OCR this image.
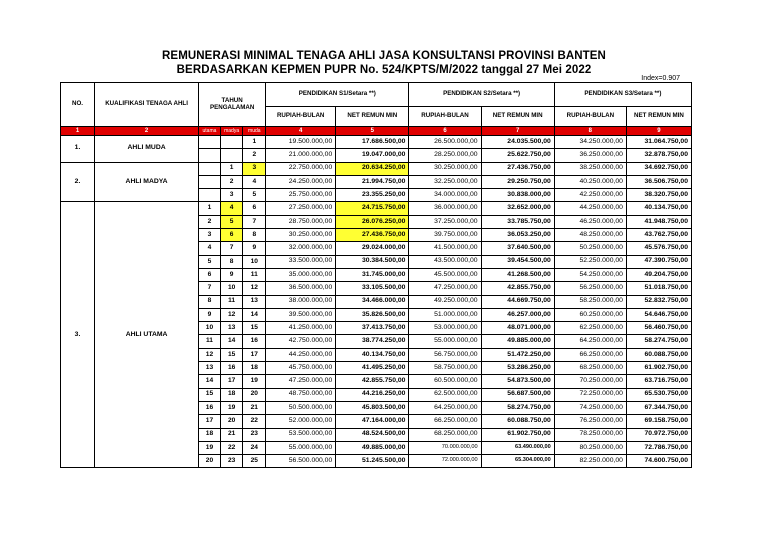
REMUNERASI MINIMAL TENAGA AHLI JASA KONSULTANSI PROVINSI BANTEN
BERDASARKAN KEPMEN PUPR No. 524/KPTS/M/2022 tanggal 27 Mei 2022
Index=0.907
NO.	KUALIFIKASI TENAGA AHLI	TAHUN PENGALAMAN			PENDIDIKAN S1/Setara **)		PENDIDIKAN S2/Setara **)		PENDIDIKAN S3/Setara **)	
					RUPIAH-BULAN	NET REMUN MIN	RUPIAH-BULAN	NET REMUN MIN	RUPIAH-BULAN	NET REMUN MIN
1	2	utama	madya	muda	4	5	6	7	8	9
1.	AHLI MUDA			1	19.500.000,00	17.686.500,00	26.500.000,00	24.035.500,00	34.250.000,00	31.064.750,00
				2	21.000.000,00	19.047.000,00	28.250.000,00	25.622.750,00	36.250.000,00	32.878.750,00
2.	AHLI MADYA		1	3	22.750.000,00	20.634.250,00	30.250.000,00	27.436.750,00	38.250.000,00	34.692.750,00
			2	4	24.250.000,00	21.994.750,00	32.250.000,00	29.250.750,00	40.250.000,00	36.506.750,00
			3	5	25.750.000,00	23.355.250,00	34.000.000,00	30.838.000,00	42.250.000,00	38.320.750,00
3.	AHLI UTAMA	1	4	6	27.250.000,00	24.715.750,00	36.000.000,00	32.652.000,00	44.250.000,00	40.134.750,00
		2	5	7	28.750.000,00	26.076.250,00	37.250.000,00	33.785.750,00	46.250.000,00	41.948.750,00
		3	6	8	30.250.000,00	27.436.750,00	39.750.000,00	36.053.250,00	48.250.000,00	43.762.750,00
		4	7	9	32.000.000,00	29.024.000,00	41.500.000,00	37.640.500,00	50.250.000,00	45.576.750,00
		5	8	10	33.500.000,00	30.384.500,00	43.500.000,00	39.454.500,00	52.250.000,00	47.390.750,00
		6	9	11	35.000.000,00	31.745.000,00	45.500.000,00	41.268.500,00	54.250.000,00	49.204.750,00
		7	10	12	36.500.000,00	33.105.500,00	47.250.000,00	42.855.750,00	56.250.000,00	51.018.750,00
		8	11	13	38.000.000,00	34.466.000,00	49.250.000,00	44.669.750,00	58.250.000,00	52.832.750,00
		9	12	14	39.500.000,00	35.826.500,00	51.000.000,00	46.257.000,00	60.250.000,00	54.646.750,00
		10	13	15	41.250.000,00	37.413.750,00	53.000.000,00	48.071.000,00	62.250.000,00	56.460.750,00
		11	14	16	42.750.000,00	38.774.250,00	55.000.000,00	49.885.000,00	64.250.000,00	58.274.750,00
		12	15	17	44.250.000,00	40.134.750,00	56.750.000,00	51.472.250,00	66.250.000,00	60.088.750,00
		13	16	18	45.750.000,00	41.495.250,00	58.750.000,00	53.286.250,00	68.250.000,00	61.902.750,00
		14	17	19	47.250.000,00	42.855.750,00	60.500.000,00	54.873.500,00	70.250.000,00	63.716.750,00
		15	18	20	48.750.000,00	44.216.250,00	62.500.000,00	56.687.500,00	72.250.000,00	65.530.750,00
		16	19	21	50.500.000,00	45.803.500,00	64.250.000,00	58.274.750,00	74.250.000,00	67.344.750,00
		17	20	22	52.000.000,00	47.164.000,00	66.250.000,00	60.088.750,00	76.250.000,00	69.158.750,00
		18	21	23	53.500.000,00	48.524.500,00	68.250.000,00	61.902.750,00	78.250.000,00	70.972.750,00
		19	22	24	55.000.000,00	49.885.000,00	70.000.000,00	63.490.000,00	80.250.000,00	72.786.750,00
		20	23	25	56.500.000,00	51.245.500,00	72.000.000,00	65.304.000,00	82.250.000,00	74.600.750,00
